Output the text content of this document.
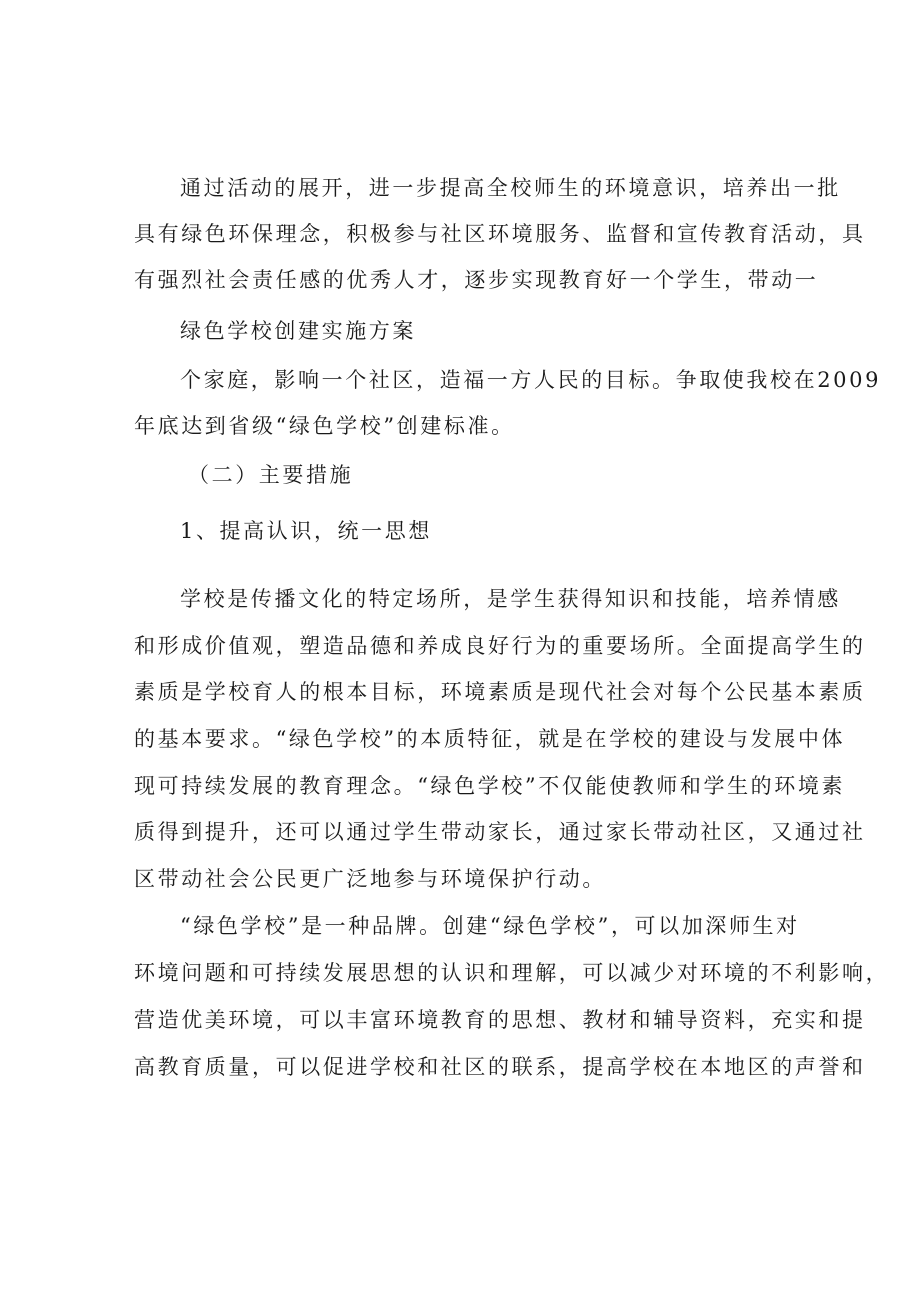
通过活动的展开，进一步提高全校师生的环境意识，培养出一批
具有绿色环保理念，积极参与社区环境服务、监督和宣传教育活动，具
有强烈社会责任感的优秀人才，逐步实现教育好一个学生，带动一
绿色学校创建实施方案
个家庭，影响一个社区，造福一方人民的目标。争取使我校在2009
年底达到省级“绿色学校”创建标准。
（二）主要措施
1、提高认识，统一思想
学校是传播文化的特定场所，是学生获得知识和技能，培养情感
和形成价值观，塑造品德和养成良好行为的重要场所。全面提高学生的
素质是学校育人的根本目标，环境素质是现代社会对每个公民基本素质
的基本要求。“绿色学校”的本质特征，就是在学校的建设与发展中体
现可持续发展的教育理念。“绿色学校”不仅能使教师和学生的环境素
质得到提升，还可以通过学生带动家长，通过家长带动社区，又通过社
区带动社会公民更广泛地参与环境保护行动。
“绿色学校”是一种品牌。创建“绿色学校”，可以加深师生对
环境问题和可持续发展思想的认识和理解，可以减少对环境的不利影响，
营造优美环境，可以丰富环境教育的思想、教材和辅导资料，充实和提
高教育质量，可以促进学校和社区的联系，提高学校在本地区的声誉和
